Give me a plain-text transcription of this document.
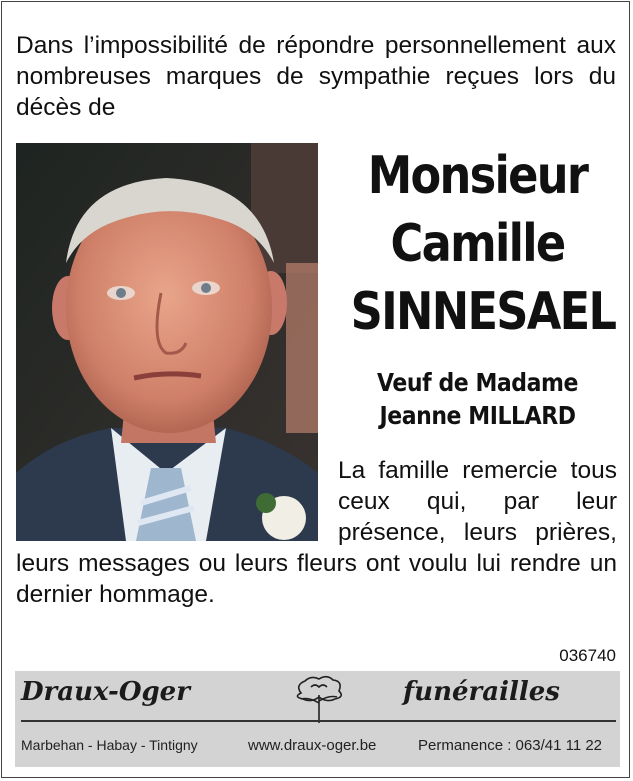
Dans l’impossibilité de répondre personnellement aux nombreuses marques de sympathie reçues lors du décès de
Monsieur
Camille
SINNESAEL
Veuf de Madame
Jeanne MILLARD
La famille remercie tous ceux qui, par leur présence, leurs prières, leurs messages ou leurs fleurs ont voulu lui rendre un dernier hommage.
036740
Draux-Oger	funérailles
Marbehan - Habay - Tintigny	www.draux-oger.be	Permanence : 063/41 11 22
